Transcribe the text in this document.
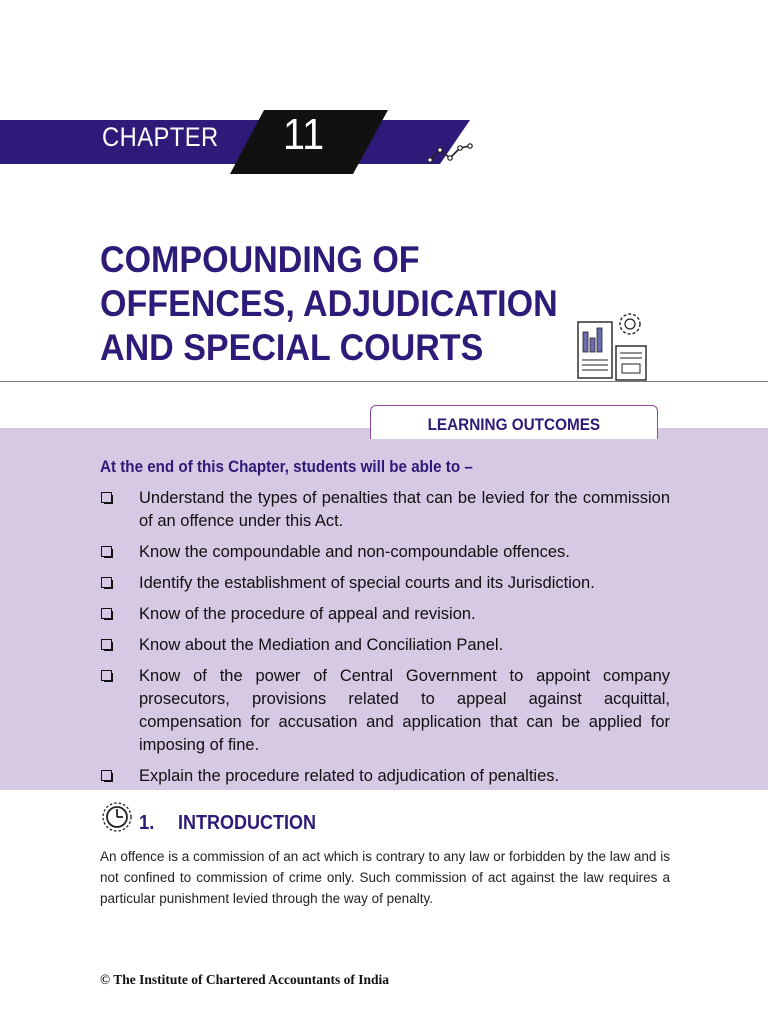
CHAPTER 11
COMPOUNDING OF
OFFENCES, ADJUDICATION
AND SPECIAL COURTS
LEARNING OUTCOMES
At the end of this Chapter, students will be able to –
Understand the types of penalties that can be levied for the commission of an offence under this Act.
Know the compoundable and non-compoundable offences.
Identify the establishment of special courts and its Jurisdiction.
Know of the procedure of appeal and revision.
Know about the Mediation and Conciliation Panel.
Know of the power of Central Government to appoint company prosecutors, provisions related to appeal against acquittal, compensation for accusation and application that can be applied for imposing of fine.
Explain the procedure related to adjudication of penalties.
1. INTRODUCTION
An offence is a commission of an act which is contrary to any law or forbidden by the law and is not confined to commission of crime only. Such commission of act against the law requires a particular punishment levied through the way of penalty.
© The Institute of Chartered Accountants of India
